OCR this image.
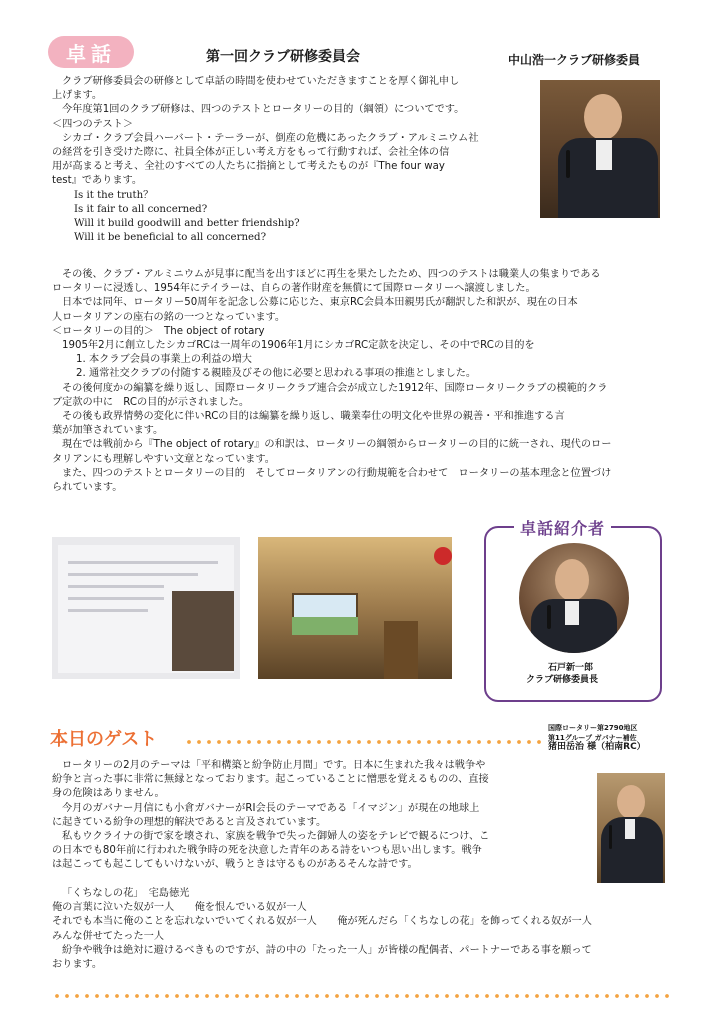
卓話	第一回クラブ研修委員会	中山浩一クラブ研修委員
クラブ研修委員会の研修として卓話の時間を使わせていただきますことを厚く御礼申し
上げます。
今年度第1回のクラブ研修は、四つのテストとロータリーの目的（綱領）についてです。
＜四つのテスト＞
シカゴ・クラブ会員ハーバート・テーラーが、倒産の危機にあったクラブ・アルミニウム社
の経営を引き受けた際に、社員全体が正しい考え方をもって行動すれば、会社全体の信
用が高まると考え、全社のすべての人たちに指摘として考えたものが『The four way
test』であります。
Is it the truth？
Is it fair to all concerned?
Will it build goodwill and better friendship?
Will it be beneficial to all concerned?
その後、クラブ・アルミニウムが見事に配当を出すほどに再生を果たしたため、四つのテストは職業人の集まりである
ロータリーに浸透し、1954年にテイラーは、自らの著作財産を無償にて国際ロータリーへ譲渡しました。
日本では同年、ロータリー50周年を記念し公募に応じた、東京RC会員本田親男氏が翻訳した和訳が、現在の日本
人ロータリアンの座右の銘の一つとなっています。
＜ロータリーの目的＞　The object of rotary
1905年2月に創立したシカゴRCは一周年の1906年1月にシカゴRC定款を決定し、その中でRCの目的を
1. 本クラブ会員の事業上の利益の増大
2. 通常社交クラブの付随する親睦及びその他に必要と思われる事項の推進としました。
その後何度かの編纂を繰り返し、国際ロータリークラブ連合会が成立した1912年、国際ロータリークラブの模範的クラ
ブ定款の中に　RCの目的が示されました。
その後も政界情勢の変化に伴いRCの目的は編纂を繰り返し、職業奉仕の明文化や世界の親善・平和推進する言
葉が加筆されています。
現在では戦前から『The object of rotary』の和訳は、ロータリーの綱領からロータリーの目的に統一され、現代のロー
タリアンにも理解しやすい文章となっています。
また、四つのテストとロータリーの目的　そしてロータリアンの行動規範を合わせて　ロータリーの基本理念と位置づけ
られています。
卓話紹介者
石戸新一郎
クラブ研修委員長
本日のゲスト
国際ロータリー第2790地区
第11グループ ガバナー補佐
猪田岳治 様（柏南RC）
ロータリーの2月のテーマは「平和構築と紛争防止月間」です。日本に生まれた我々は戦争や
紛争と言った事に非常に無縁となっております。起こっていることに憎悪を覚えるものの、直接
身の危険はありません。
今月のガバナー月信にも小倉ガバナーがRI会長のテーマである「イマジン」が現在の地球上
に起きている紛争の理想的解決であると言及されています。
私もウクライナの街で家を壊され、家族を戦争で失った御婦人の姿をテレビで観るにつけ、こ
の日本でも80年前に行われた戦争時の死を決意した青年のある詩をいつも思い出します。戦争
は起こっても起こしてもいけないが、戦うときは守るものがあるそんな詩です。
「くちなしの花」　宅島徳光
俺の言葉に泣いた奴が一人　　俺を恨んでいる奴が一人
それでも本当に俺のことを忘れないでいてくれる奴が一人　　俺が死んだら「くちなしの花」を飾ってくれる奴が一人
みんな併せてたった一人
紛争や戦争は絶対に避けるべきものですが、詩の中の「たった一人」が皆様の配偶者、パートナーである事を願って
おります。
